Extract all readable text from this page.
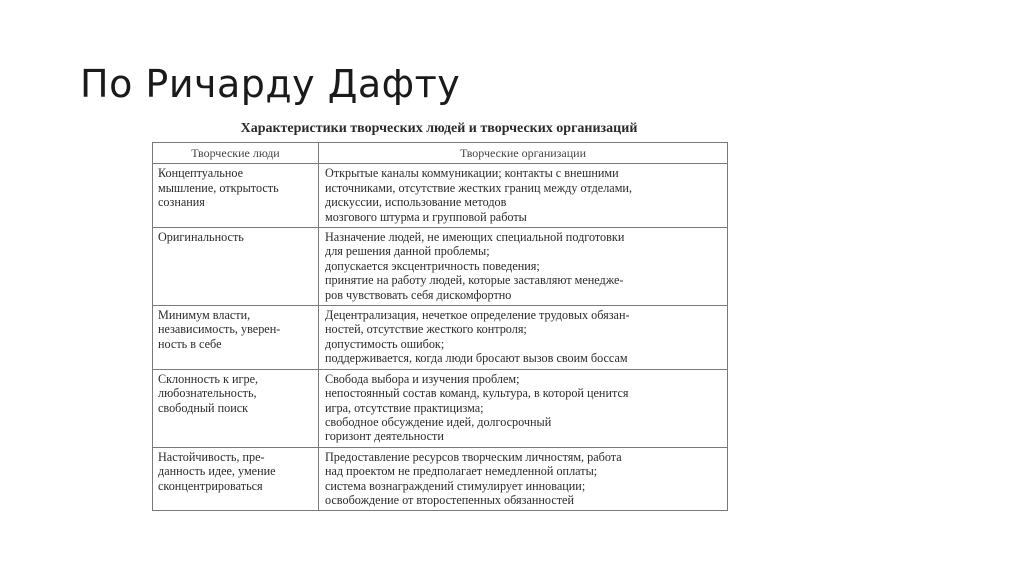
По Ричарду Дафту
Характеристики творческих людей и творческих организаций
Творческие люди	Творческие организации

Концептуальное
мышление, открытость
сознания	Открытые каналы коммуникации; контакты с внешними
источниками, отсутствие жестких границ между отделами,
дискуссии, использование методов
мозгового штурма и групповой работы

Оригинальность	Назначение людей, не имеющих специальной подготовки
для решения данной проблемы;
допускается эксцентричность поведения;
принятие на работу людей, которые заставляют менедже-
ров чувствовать себя дискомфортно

Минимум власти,
независимость, уверен-
ность в себе	Децентрализация, нечеткое определение трудовых обязан-
ностей, отсутствие жесткого контроля;
допустимость ошибок;
поддерживается, когда люди бросают вызов своим боссам

Склонность к игре,
любознательность,
свободный поиск	Свобода выбора и изучения проблем;
непостоянный состав команд, культура, в которой ценится
игра, отсутствие практицизма;
свободное обсуждение идей, долгосрочный
горизонт деятельности

Настойчивость, пре-
данность идее, умение
сконцентрироваться	Предоставление ресурсов творческим личностям, работа
над проектом не предполагает немедленной оплаты;
система вознаграждений стимулирует инновации;
освобождение от второстепенных обязанностей
